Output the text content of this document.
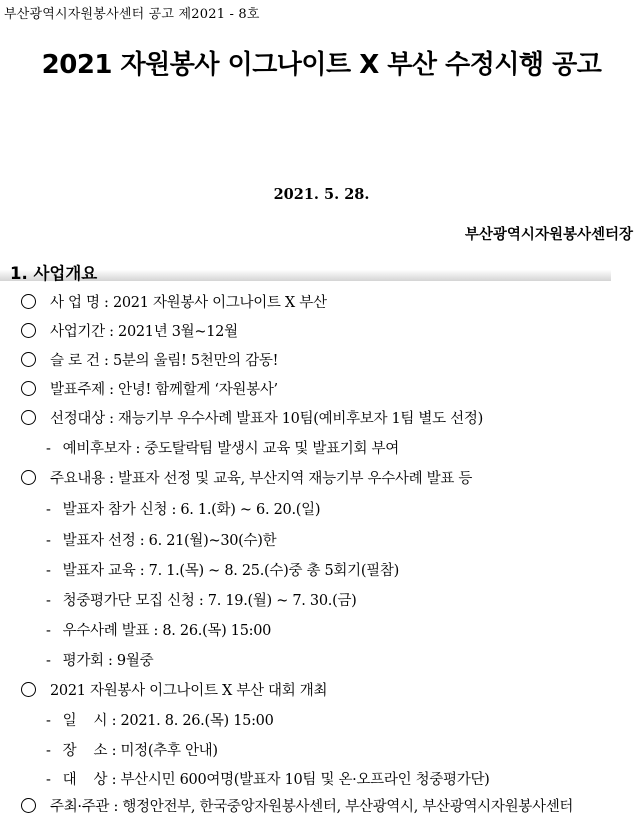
부산광역시자원봉사센터 공고 제2021 - 8호
2021 자원봉사 이그나이트 X 부산 수정시행 공고
2021. 5. 28.
부산광역시자원봉사센터장
1. 사업개요
사 업 명 : 2021 자원봉사 이그나이트 X 부산
사업기간 : 2021년 3월~12월
슬 로 건 : 5분의 울림! 5천만의 감동!
발표주제 : 안녕! 함께할게 ‘자원봉사’
선정대상 : 재능기부 우수사례 발표자 10팀(예비후보자 1팀 별도 선정)
- 예비후보자 : 중도탈락팀 발생시 교육 및 발표기회 부여
주요내용 : 발표자 선정 및 교육, 부산지역 재능기부 우수사례 발표 등
- 발표자 참가 신청 : 6. 1.(화) ~ 6. 20.(일)
- 발표자 선정 : 6. 21(월)~30(수)한
- 발표자 교육 : 7. 1.(목) ~ 8. 25.(수)중 총 5회기(필참)
- 청중평가단 모집 신청 : 7. 19.(월) ~ 7. 30.(금)
- 우수사례 발표 : 8. 26.(목) 15:00
- 평가회 : 9월중
2021 자원봉사 이그나이트 X 부산 대회 개최
- 일    시 : 2021. 8. 26.(목) 15:00
- 장    소 : 미정(추후 안내)
- 대    상 : 부산시민 600여명(발표자 10팀 및 온·오프라인 청중평가단)
주최·주관 : 행정안전부, 한국중앙자원봉사센터, 부산광역시, 부산광역시자원봉사센터
